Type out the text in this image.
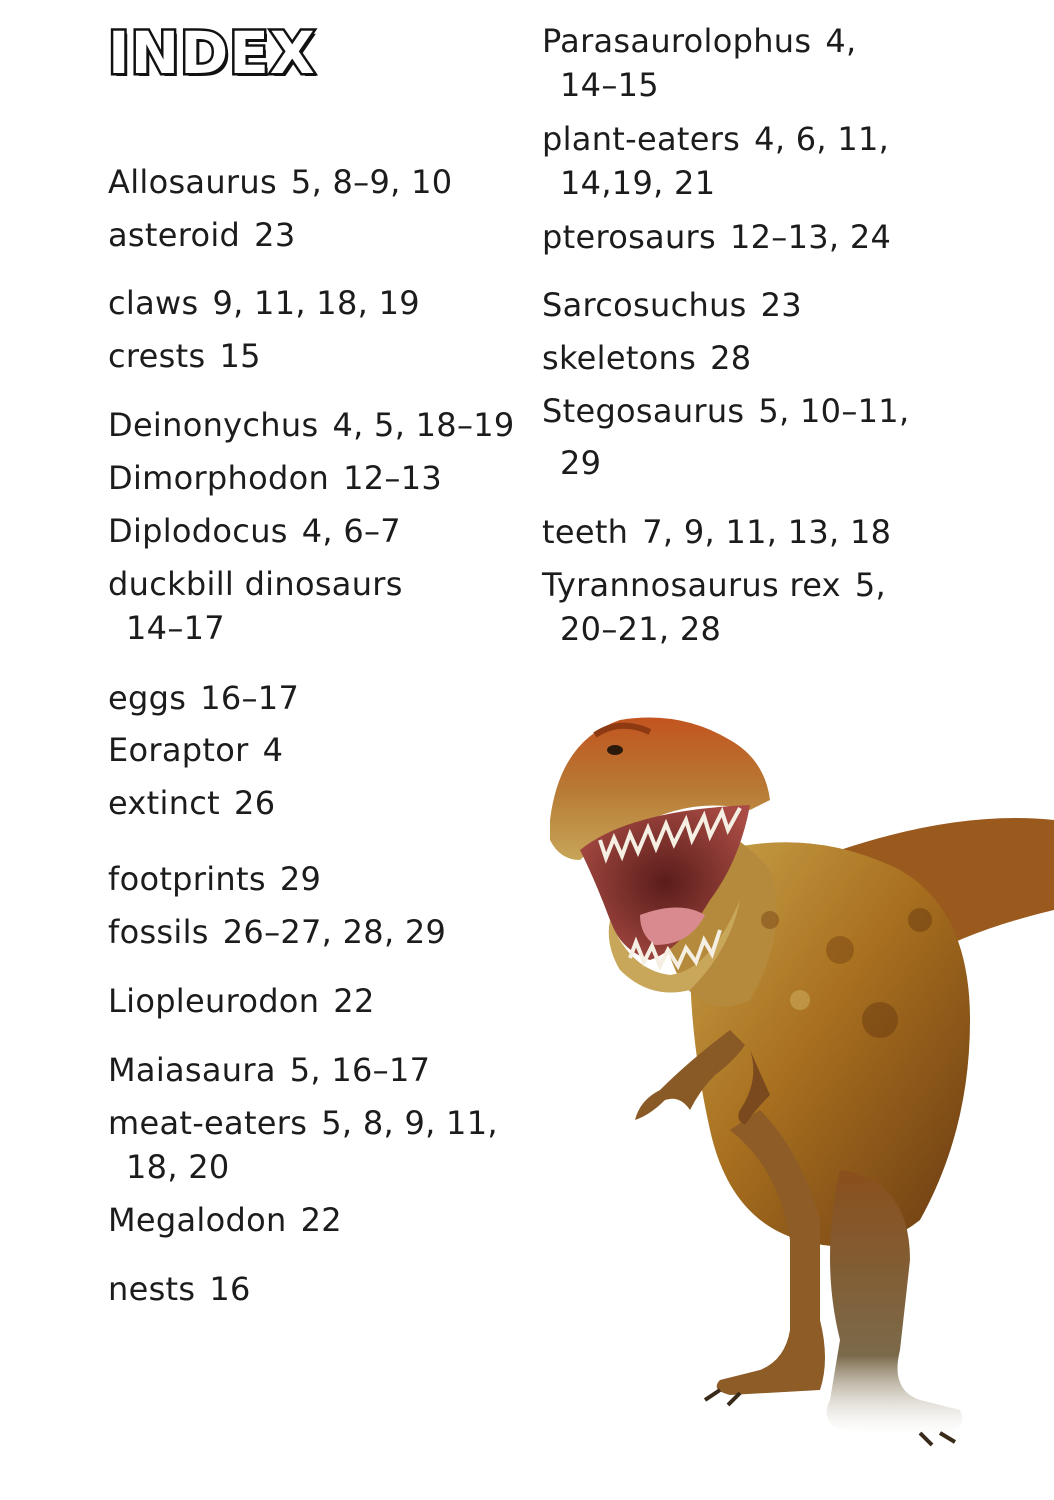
INDEX
Allosaurus 5, 8–9, 10
asteroid 23
claws 9, 11, 18, 19
crests 15
Deinonychus 4, 5, 18–19
Dimorphodon 12–13
Diplodocus 4, 6–7
duckbill dinosaurs
14–17
eggs 16–17
Eoraptor 4
extinct 26
footprints 29
fossils 26–27, 28, 29
Liopleurodon 22
Maiasaura 5, 16–17
meat-eaters 5, 8, 9, 11,
18, 20
Megalodon 22
nests 16
Parasaurolophus 4,
14–15
plant-eaters 4, 6, 11,
14,19, 21
pterosaurs 12–13, 24
Sarcosuchus 23
skeletons 28
Stegosaurus 5, 10–11,
29
teeth 7, 9, 11, 13, 18
Tyrannosaurus rex 5,
20–21, 28
